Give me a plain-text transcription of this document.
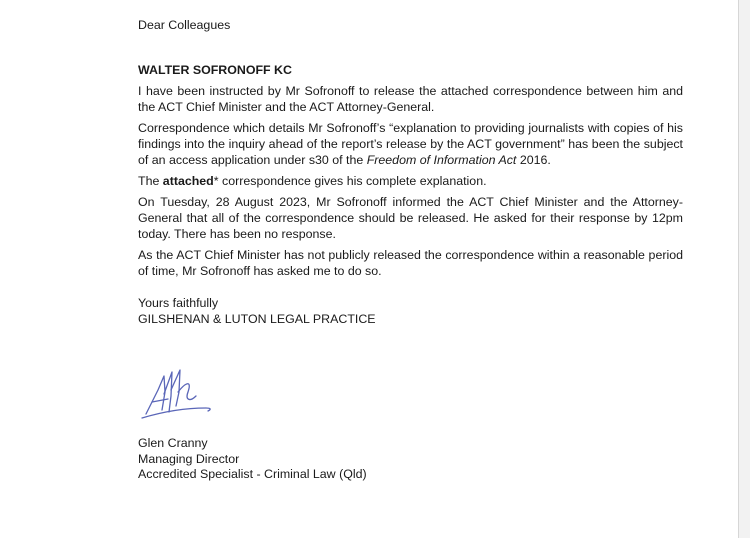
Dear Colleagues

WALTER SOFRONOFF KC

I have been instructed by Mr Sofronoff to release the attached correspondence between him and the ACT Chief Minister and the ACT Attorney-General.

Correspondence which details Mr Sofronoff’s “explanation to providing journalists with copies of his findings into the inquiry ahead of the report’s release by the ACT government” has been the subject of an access application under s30 of the Freedom of Information Act 2016.

The attached* correspondence gives his complete explanation.

On Tuesday, 28 August 2023, Mr Sofronoff informed the ACT Chief Minister and the Attorney-General that all of the correspondence should be released. He asked for their response by 12pm today. There has been no response.

As the ACT Chief Minister has not publicly released the correspondence within a reasonable period of time, Mr Sofronoff has asked me to do so.

Yours faithfully
GILSHENAN & LUTON LEGAL PRACTICE
Glen Cranny
Managing Director
Accredited Specialist - Criminal Law (Qld)
